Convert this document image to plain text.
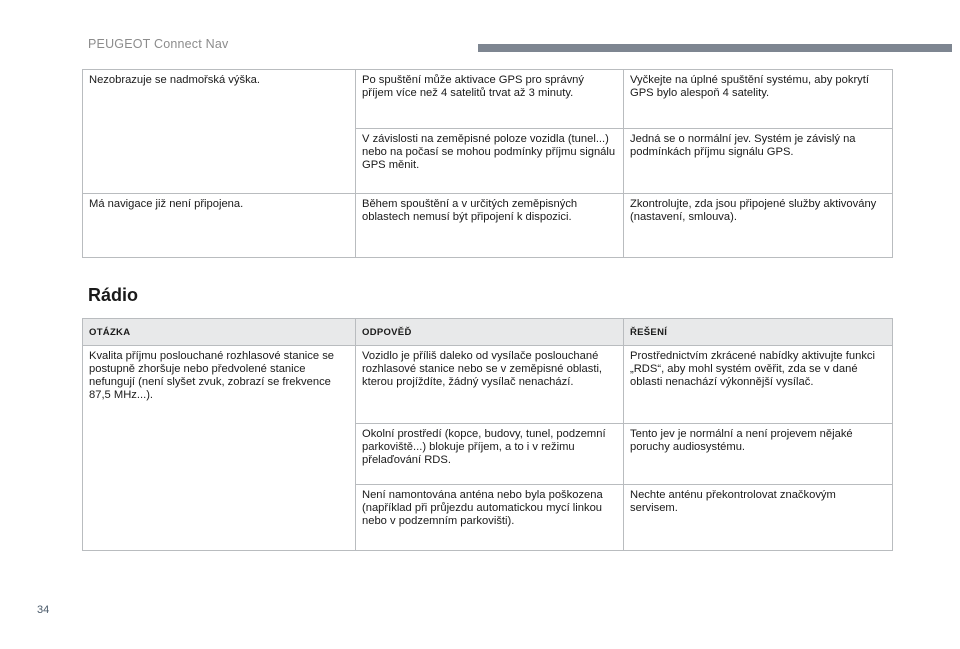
PEUGEOT Connect Nav
Nezobrazuje se nadmořská výška.	Po spuštění může aktivace GPS pro správný příjem více než 4 satelitů trvat až 3 minuty.	Vyčkejte na úplné spuštění systému, aby pokrytí GPS bylo alespoň 4 satelity.
	V závislosti na zeměpisné poloze vozidla (tunel...) nebo na počasí se mohou podmínky příjmu signálu GPS měnit.	Jedná se o normální jev. Systém je závislý na podmínkách příjmu signálu GPS.
Má navigace již není připojena.	Během spouštění a v určitých zeměpisných oblastech nemusí být připojení k dispozici.	Zkontrolujte, zda jsou připojené služby aktivovány (nastavení, smlouva).
Rádio
OTÁZKA	ODPOVĚĎ	ŘEŠENÍ
Kvalita příjmu poslouchané rozhlasové stanice se postupně zhoršuje nebo předvolené stanice nefungují (není slyšet zvuk, zobrazí se frekvence 87,5 MHz...).	Vozidlo je příliš daleko od vysílače poslouchané rozhlasové stanice nebo se v zeměpisné oblasti, kterou projíždíte, žádný vysílač nenachází.	Prostřednictvím zkrácené nabídky aktivujte funkci „RDS“, aby mohl systém ověřit, zda se v dané oblasti nenachází výkonnější vysílač.
	Okolní prostředí (kopce, budovy, tunel, podzemní parkoviště...) blokuje příjem, a to i v režimu přelaďování RDS.	Tento jev je normální a není projevem nějaké poruchy audiosystému.
	Není namontována anténa nebo byla poškozena (například při průjezdu automatickou mycí linkou nebo v podzemním parkovišti).	Nechte anténu překontrolovat značkovým servisem.
34
